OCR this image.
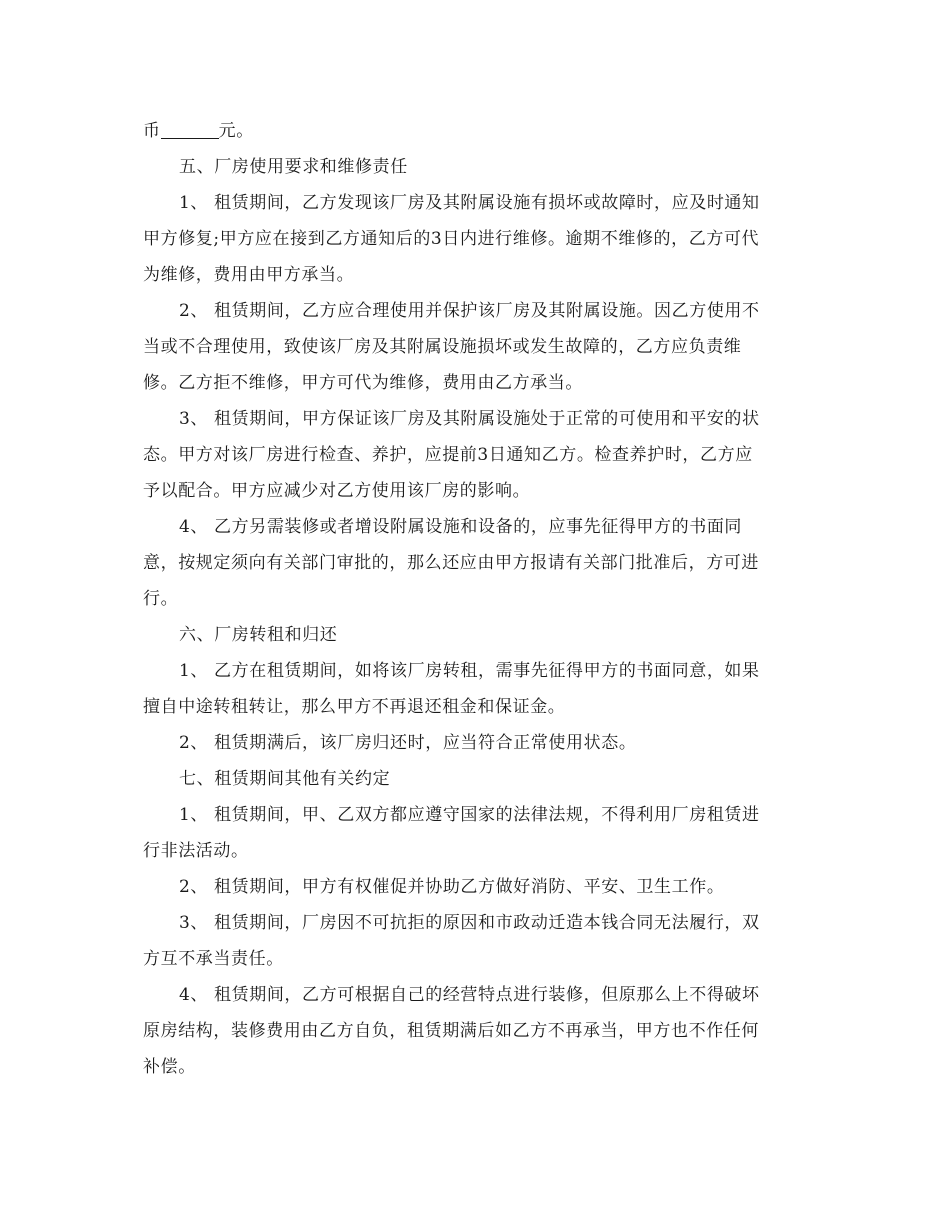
币	元。
五、厂房使用要求和维修责任
1、 租赁期间，乙方发现该厂房及其附属设施有损坏或故障时，应及时通知
甲方修复;甲方应在接到乙方通知后的3日内进行维修。逾期不维修的，乙方可代
为维修，费用由甲方承当。
2、 租赁期间，乙方应合理使用并保护该厂房及其附属设施。因乙方使用不
当或不合理使用，致使该厂房及其附属设施损坏或发生故障的，乙方应负责维
修。乙方拒不维修，甲方可代为维修，费用由乙方承当。
3、 租赁期间，甲方保证该厂房及其附属设施处于正常的可使用和平安的状
态。甲方对该厂房进行检查、养护，应提前3日通知乙方。检查养护时，乙方应
予以配合。甲方应减少对乙方使用该厂房的影响。
4、 乙方另需装修或者增设附属设施和设备的，应事先征得甲方的书面同
意，按规定须向有关部门审批的，那么还应由甲方报请有关部门批准后，方可进
行。
六、厂房转租和归还
1、 乙方在租赁期间，如将该厂房转租，需事先征得甲方的书面同意，如果
擅自中途转租转让，那么甲方不再退还租金和保证金。
2、 租赁期满后，该厂房归还时，应当符合正常使用状态。
七、租赁期间其他有关约定
1、 租赁期间，甲、乙双方都应遵守国家的法律法规，不得利用厂房租赁进
行非法活动。
2、 租赁期间，甲方有权催促并协助乙方做好消防、平安、卫生工作。
3、 租赁期间，厂房因不可抗拒的原因和市政动迁造本钱合同无法履行，双
方互不承当责任。
4、 租赁期间，乙方可根据自己的经营特点进行装修，但原那么上不得破坏
原房结构，装修费用由乙方自负，租赁期满后如乙方不再承当，甲方也不作任何
补偿。
